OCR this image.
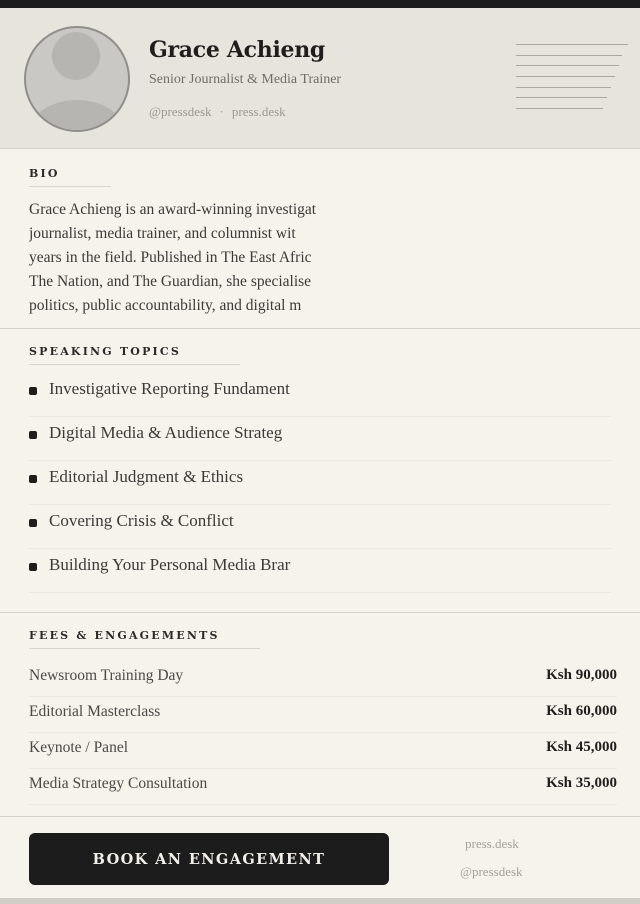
Grace Achieng
Senior Journalist & Media Trainer
@pressdesk · press.desk
BIO
Grace Achieng is an award-winning investigat
journalist, media trainer, and columnist wit
years in the field. Published in The East Afric
The Nation, and The Guardian, she specialise
politics, public accountability, and digital m
SPEAKING TOPICS
Investigative Reporting Fundament
Digital Media & Audience Strateg
Editorial Judgment & Ethics
Covering Crisis & Conflict
Building Your Personal Media Brar
FEES & ENGAGEMENTS
Newsroom Training Day	Ksh 90,000
Editorial Masterclass	Ksh 60,000
Keynote / Panel	Ksh 45,000
Media Strategy Consultation	Ksh 35,000
BOOK AN ENGAGEMENT
press.desk
@pressdesk
